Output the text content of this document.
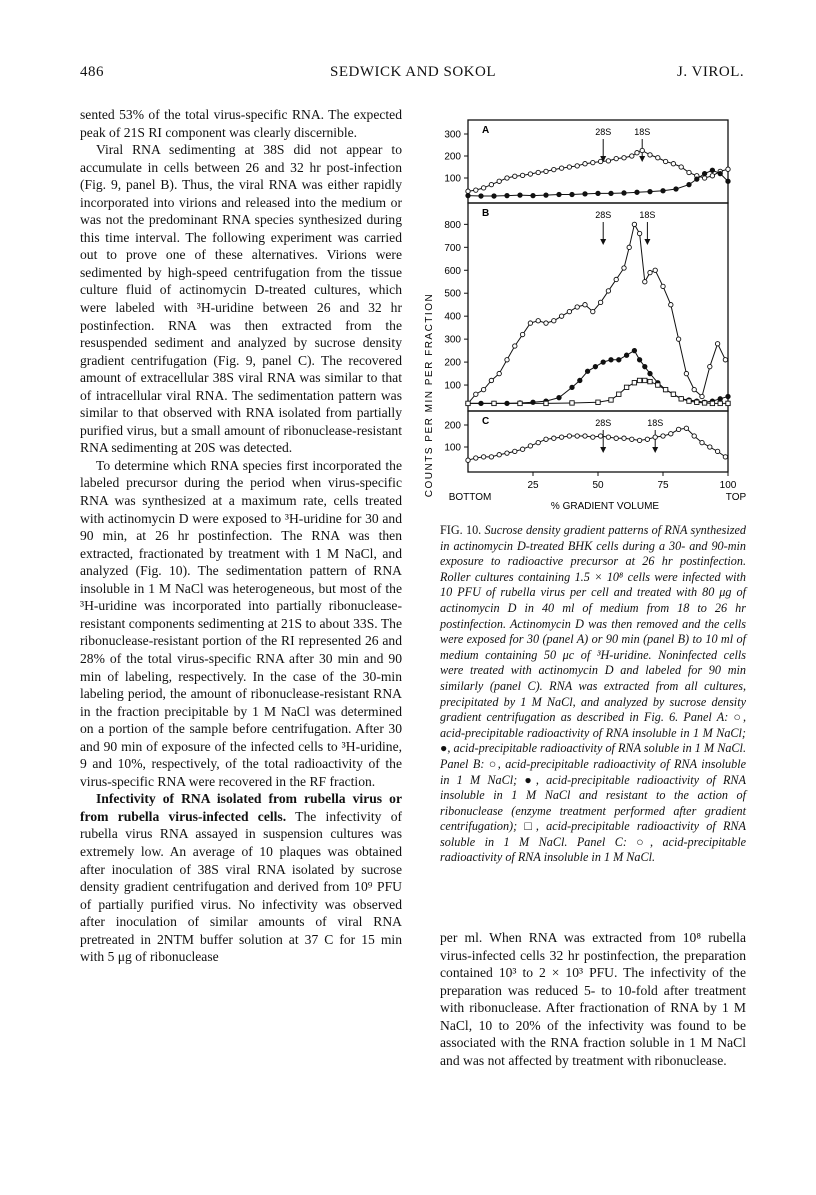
486	SEDWICK AND SOKOL	J. VIROL.

sented 53% of the total virus-specific RNA. The expected peak of 21S RI component was clearly discernible.

Viral RNA sedimenting at 38S did not appear to accumulate in cells between 26 and 32 hr post-infection (Fig. 9, panel B). Thus, the viral RNA was either rapidly incorporated into virions and released into the medium or was not the predominant RNA species synthesized during this time interval. The following experiment was carried out to prove one of these alternatives. Virions were sedimented by high-speed centrifugation from the tissue culture fluid of actinomycin D-treated cultures, which were labeled with ³H-uridine between 26 and 32 hr postinfection. RNA was then extracted from the resuspended sediment and analyzed by sucrose density gradient centrifugation (Fig. 9, panel C). The recovered amount of extracellular 38S viral RNA was similar to that of intracellular viral RNA. The sedimentation pattern was similar to that observed with RNA isolated from partially purified virus, but a small amount of ribonuclease-resistant RNA sedimenting at 20S was detected.

To determine which RNA species first incorporated the labeled precursor during the period when virus-specific RNA was synthesized at a maximum rate, cells treated with actinomycin D were exposed to ³H-uridine for 30 and 90 min, at 26 hr postinfection. The RNA was then extracted, fractionated by treatment with 1 M NaCl, and analyzed (Fig. 10). The sedimentation pattern of RNA insoluble in 1 M NaCl was heterogeneous, but most of the ³H-uridine was incorporated into partially ribonuclease-resistant components sedimenting at 21S to about 33S. The ribonuclease-resistant portion of the RI represented 26 and 28% of the total virus-specific RNA after 30 min and 90 min of labeling, respectively. In the case of the 30-min labeling period, the amount of ribonuclease-resistant RNA in the fraction precipitable by 1 M NaCl was determined on a portion of the sample before centrifugation. After 30 and 90 min of exposure of the infected cells to ³H-uridine, 9 and 10%, respectively, of the total radioactivity of the virus-specific RNA were recovered in the RF fraction.

Infectivity of RNA isolated from rubella virus or from rubella virus-infected cells. The infectivity of rubella virus RNA assayed in suspension cultures was extremely low. An average of 10 plaques was obtained after inoculation of 38S viral RNA isolated by sucrose density gradient centrifugation and derived from 10⁹ PFU of partially purified virus. No infectivity was observed after inoculation of similar amounts of viral RNA pretreated in 2NTM buffer solution at 37 C for 15 min with 5 μg of ribonuclease

per ml. When RNA was extracted from 10⁸ rubella virus-infected cells 32 hr postinfection, the preparation contained 10³ to 2 × 10³ PFU. The infectivity of the preparation was reduced 5- to 10-fold after treatment with ribonuclease. After fractionation of RNA by 1 M NaCl, 10 to 20% of the infectivity was found to be associated with the RNA fraction soluble in 1 M NaCl and was not affected by treatment with ribonuclease.

COUNTS PER MIN PER FRACTION
% GRADIENT VOLUME
BOTTOM	TOP
A
100
200
300	28S	18S
B
100
200
300
400
500
600
700
800
28S	18S
C
100
200	28S	18S
25	50	75	100
FIG. 10. Sucrose density gradient patterns of RNA synthesized in actinomycin D-treated BHK cells during a 30- and 90-min exposure to radioactive precursor at 26 hr postinfection. Roller cultures containing 1.5 × 10⁸ cells were infected with 10 PFU of rubella virus per cell and treated with 80 μg of actinomycin D in 40 ml of medium from 18 to 26 hr postinfection. Actinomycin D was then removed and the cells were exposed for 30 (panel A) or 90 min (panel B) to 10 ml of medium containing 50 μc of ³H-uridine. Noninfected cells were treated with actinomycin D and labeled for 90 min similarly (panel C). RNA was extracted from all cultures, precipitated by 1 M NaCl, and analyzed by sucrose density gradient centrifugation as described in Fig. 6. Panel A: ○, acid-precipitable radioactivity of RNA insoluble in 1 M NaCl; ●, acid-precipitable radioactivity of RNA soluble in 1 M NaCl. Panel B: ○, acid-precipitable radioactivity of RNA insoluble in 1 M NaCl; ●, acid-precipitable radioactivity of RNA insoluble in 1 M NaCl and resistant to the action of ribonuclease (enzyme treatment performed after gradient centrifugation); □, acid-precipitable radioactivity of RNA soluble in 1 M NaCl. Panel C: ○, acid-precipitable radioactivity of RNA insoluble in 1 M NaCl.
